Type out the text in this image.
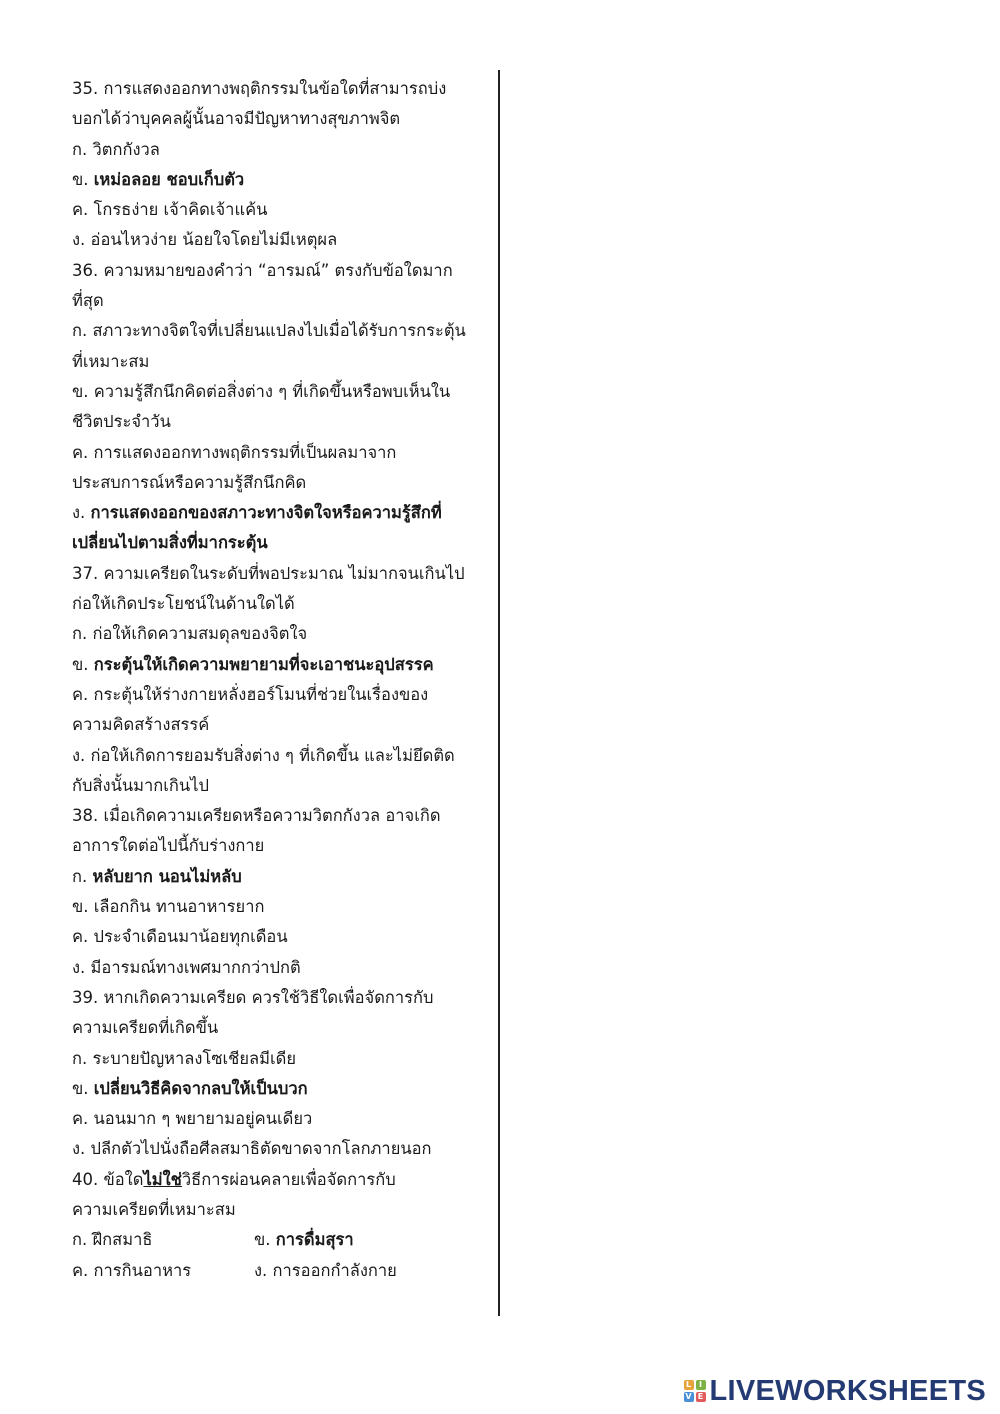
35. การแสดงออกทางพฤติกรรมในข้อใดที่สามารถบ่ง
บอกได้ว่าบุคคลผู้นั้นอาจมีปัญหาทางสุขภาพจิต
ก. วิตกกังวล
ข. เหม่อลอย ชอบเก็บตัว
ค. โกรธง่าย เจ้าคิดเจ้าแค้น
ง. อ่อนไหวง่าย น้อยใจโดยไม่มีเหตุผล
36. ความหมายของคำว่า “อารมณ์” ตรงกับข้อใดมาก
ที่สุด
ก. สภาวะทางจิตใจที่เปลี่ยนแปลงไปเมื่อได้รับการกระตุ้น
ที่เหมาะสม
ข. ความรู้สึกนึกคิดต่อสิ่งต่าง ๆ ที่เกิดขึ้นหรือพบเห็นใน
ชีวิตประจำวัน
ค. การแสดงออกทางพฤติกรรมที่เป็นผลมาจาก
ประสบการณ์หรือความรู้สึกนึกคิด
ง. การแสดงออกของสภาวะทางจิตใจหรือความรู้สึกที่
เปลี่ยนไปตามสิ่งที่มากระตุ้น
37. ความเครียดในระดับที่พอประมาณ ไม่มากจนเกินไป
ก่อให้เกิดประโยชน์ในด้านใดได้
ก. ก่อให้เกิดความสมดุลของจิตใจ
ข. กระตุ้นให้เกิดความพยายามที่จะเอาชนะอุปสรรค
ค. กระตุ้นให้ร่างกายหลั่งฮอร์โมนที่ช่วยในเรื่องของ
ความคิดสร้างสรรค์
ง. ก่อให้เกิดการยอมรับสิ่งต่าง ๆ ที่เกิดขึ้น และไม่ยึดติด
กับสิ่งนั้นมากเกินไป
38. เมื่อเกิดความเครียดหรือความวิตกกังวล อาจเกิด
อาการใดต่อไปนี้กับร่างกาย
ก. หลับยาก นอนไม่หลับ
ข. เลือกกิน ทานอาหารยาก
ค. ประจำเดือนมาน้อยทุกเดือน
ง. มีอารมณ์ทางเพศมากกว่าปกติ
39. หากเกิดความเครียด ควรใช้วิธีใดเพื่อจัดการกับ
ความเครียดที่เกิดขึ้น
ก. ระบายปัญหาลงโซเชียลมีเดีย
ข. เปลี่ยนวิธีคิดจากลบให้เป็นบวก
ค. นอนมาก ๆ พยายามอยู่คนเดียว
ง. ปลีกตัวไปนั่งถือศีลสมาธิตัดขาดจากโลกภายนอก
40. ข้อใดไม่ใช่วิธีการผ่อนคลายเพื่อจัดการกับ
ความเครียดที่เหมาะสม
ก. ฝึกสมาธิ	ข. การดื่มสุรา
ค. การกินอาหาร	ง. การออกกำลังกาย
L I
V E LIVEWORKSHEETS
